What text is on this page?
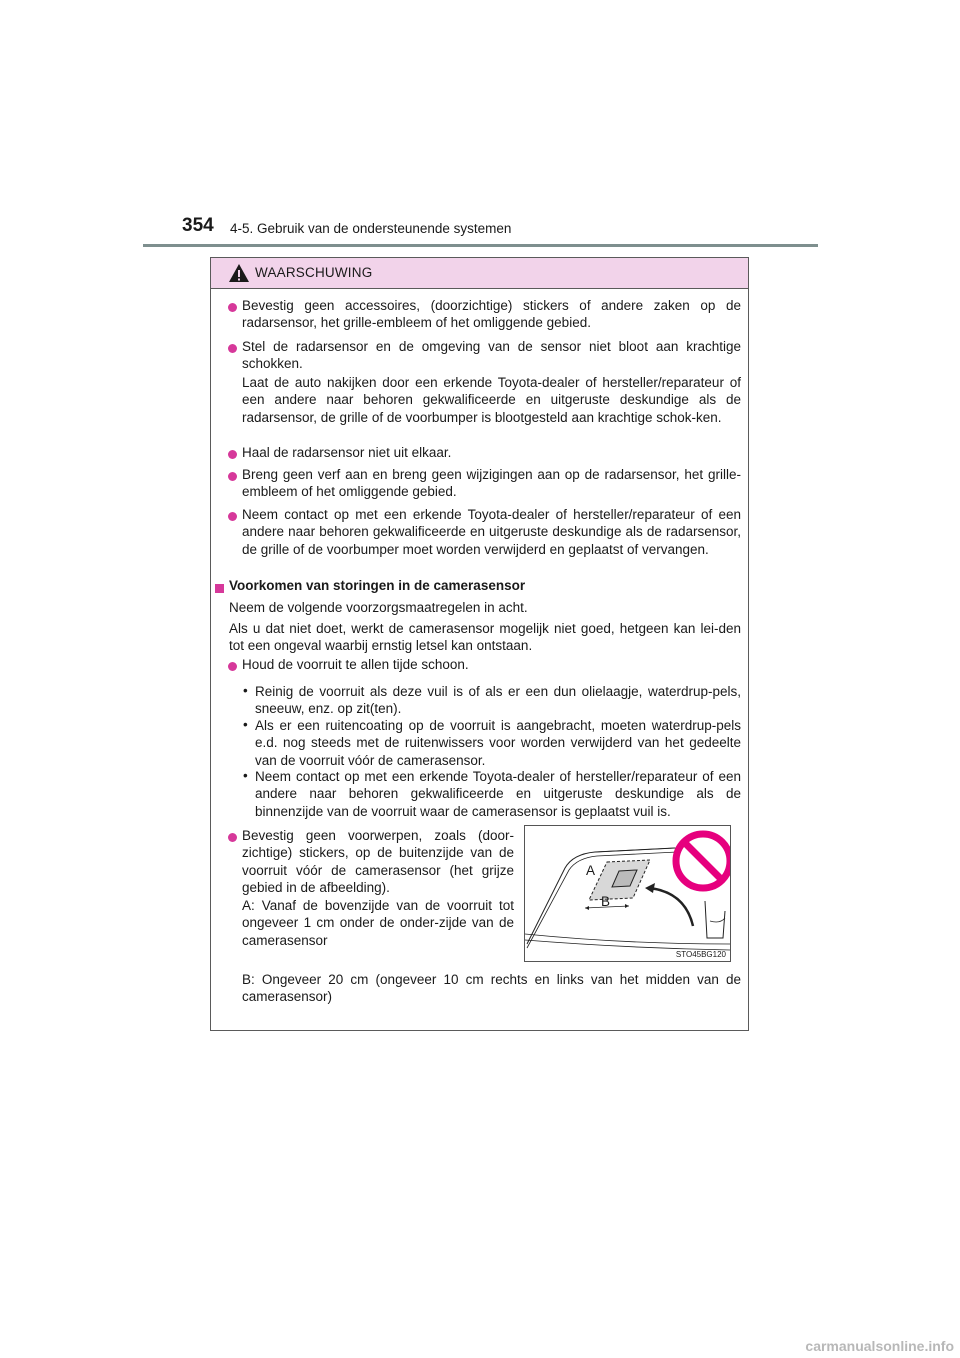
354 4-5. Gebruik van de ondersteunende systemen
WAARSCHUWING
Bevestig geen accessoires, (doorzichtige) stickers of andere zaken op de radarsensor, het grille-embleem of het omliggende gebied.
Stel de radarsensor en de omgeving van de sensor niet bloot aan krachtige schokken.
Laat de auto nakijken door een erkende Toyota-dealer of hersteller/reparateur of een andere naar behoren gekwalificeerde en uitgeruste deskundige als de radarsensor, de grille of de voorbumper is blootgesteld aan krachtige schok-ken.
Haal de radarsensor niet uit elkaar.
Breng geen verf aan en breng geen wijzigingen aan op de radarsensor, het grille-embleem of het omliggende gebied.
Neem contact op met een erkende Toyota-dealer of hersteller/reparateur of een andere naar behoren gekwalificeerde en uitgeruste deskundige als de radarsensor, de grille of de voorbumper moet worden verwijderd en geplaatst of vervangen.
Voorkomen van storingen in de camerasensor
Neem de volgende voorzorgsmaatregelen in acht.
Als u dat niet doet, werkt de camerasensor mogelijk niet goed, hetgeen kan lei-den tot een ongeval waarbij ernstig letsel kan ontstaan.
Houd de voorruit te allen tijde schoon.
• Reinig de voorruit als deze vuil is of als er een dun olielaagje, waterdrup-pels, sneeuw, enz. op zit(ten).
• Als er een ruitencoating op de voorruit is aangebracht, moeten waterdrup-pels e.d. nog steeds met de ruitenwissers voor worden verwijderd van het gedeelte van de voorruit vóór de camerasensor.
• Neem contact op met een erkende Toyota-dealer of hersteller/reparateur of een andere naar behoren gekwalificeerde en uitgeruste deskundige als de binnenzijde van de voorruit waar de camerasensor is geplaatst vuil is.
Bevestig geen voorwerpen, zoals (door-zichtige) stickers, op de buitenzijde van de voorruit vóór de camerasensor (het grijze gebied in de afbeelding).
A: Vanaf de bovenzijde van de voorruit tot ongeveer 1 cm onder de onder-zijde van de camerasensor
B: Ongeveer 20 cm (ongeveer 10 cm rechts en links van het midden van de camerasensor)
A
B
STO45BG120
carmanualsonline.info
